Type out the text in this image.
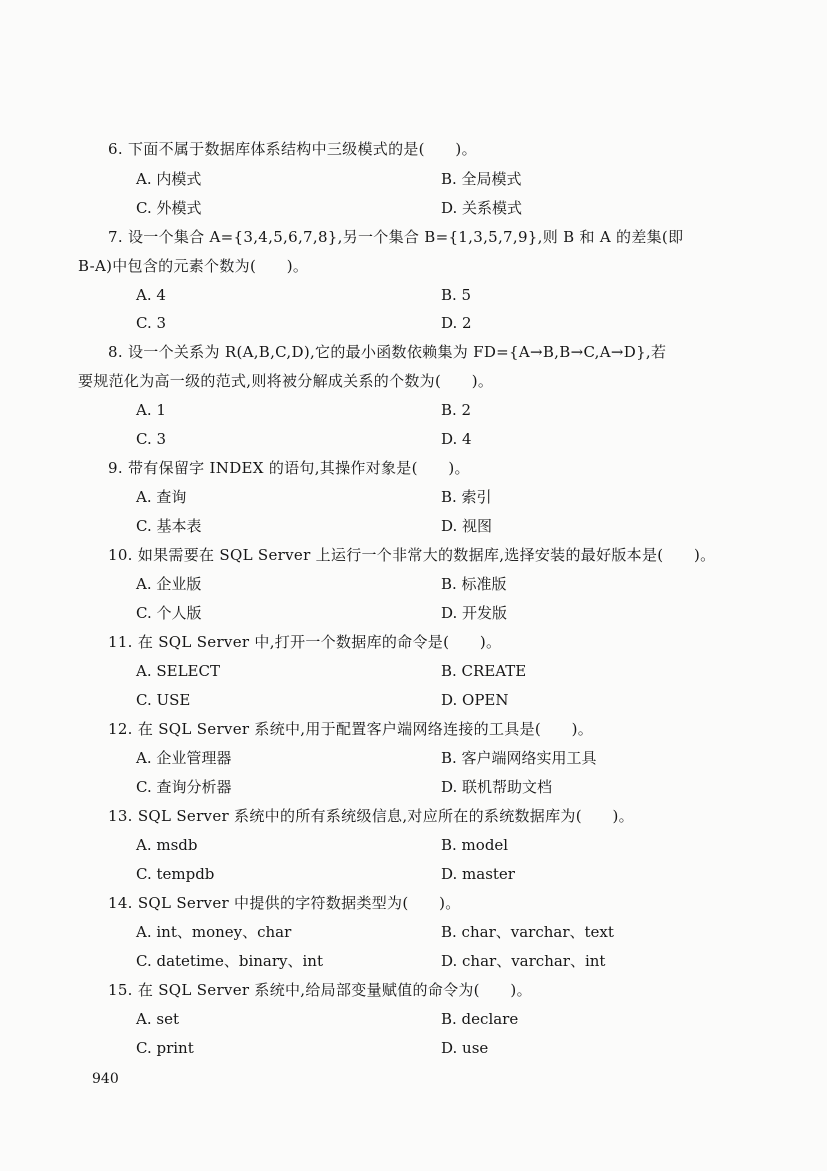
6. 下面不属于数据库体系结构中三级模式的是(　　)。
A. 内模式	B. 全局模式
C. 外模式	D. 关系模式
7. 设一个集合 A={3,4,5,6,7,8},另一个集合 B={1,3,5,7,9},则 B 和 A 的差集(即
B-A)中包含的元素个数为(　　)。
A. 4	B. 5
C. 3	D. 2
8. 设一个关系为 R(A,B,C,D),它的最小函数依赖集为 FD={A→B,B→C,A→D},若
要规范化为高一级的范式,则将被分解成关系的个数为(　　)。
A. 1	B. 2
C. 3	D. 4
9. 带有保留字 INDEX 的语句,其操作对象是(　　)。
A. 查询	B. 索引
C. 基本表	D. 视图
10. 如果需要在 SQL Server 上运行一个非常大的数据库,选择安装的最好版本是(　　)。
A. 企业版	B. 标准版
C. 个人版	D. 开发版
11. 在 SQL Server 中,打开一个数据库的命令是(　　)。
A. SELECT	B. CREATE
C. USE	D. OPEN
12. 在 SQL Server 系统中,用于配置客户端网络连接的工具是(　　)。
A. 企业管理器	B. 客户端网络实用工具
C. 查询分析器	D. 联机帮助文档
13. SQL Server 系统中的所有系统级信息,对应所在的系统数据库为(　　)。
A. msdb	B. model
C. tempdb	D. master
14. SQL Server 中提供的字符数据类型为(　　)。
A. int、money、char	B. char、varchar、text
C. datetime、binary、int	D. char、varchar、int
15. 在 SQL Server 系统中,给局部变量赋值的命令为(　　)。
A. set	B. declare
C. print	D. use
940
